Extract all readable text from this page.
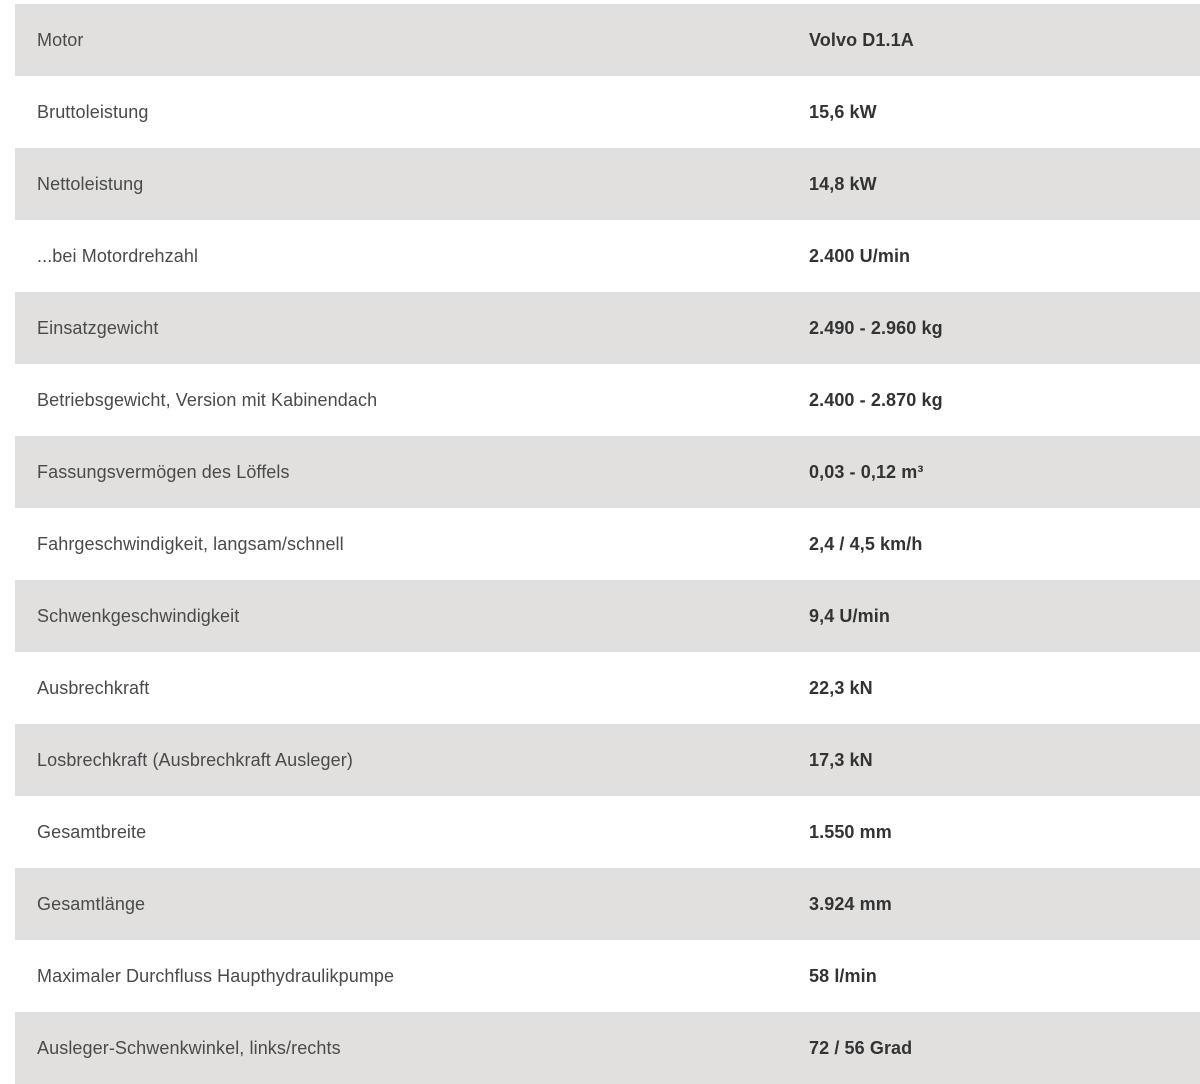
Motor	Volvo D1.1A
Bruttoleistung	15,6 kW
Nettoleistung	14,8 kW
...bei Motordrehzahl	2.400 U/min
Einsatzgewicht	2.490 - 2.960 kg
Betriebsgewicht, Version mit Kabinendach	2.400 - 2.870 kg
Fassungsvermögen des Löffels	0,03 - 0,12 m³
Fahrgeschwindigkeit, langsam/schnell	2,4 / 4,5 km/h
Schwenkgeschwindigkeit	9,4 U/min
Ausbrechkraft	22,3 kN
Losbrechkraft (Ausbrechkraft Ausleger)	17,3 kN
Gesamtbreite	1.550 mm
Gesamtlänge	3.924 mm
Maximaler Durchfluss Haupthydraulikpumpe	58 l/min
Ausleger-Schwenkwinkel, links/rechts	72 / 56 Grad
